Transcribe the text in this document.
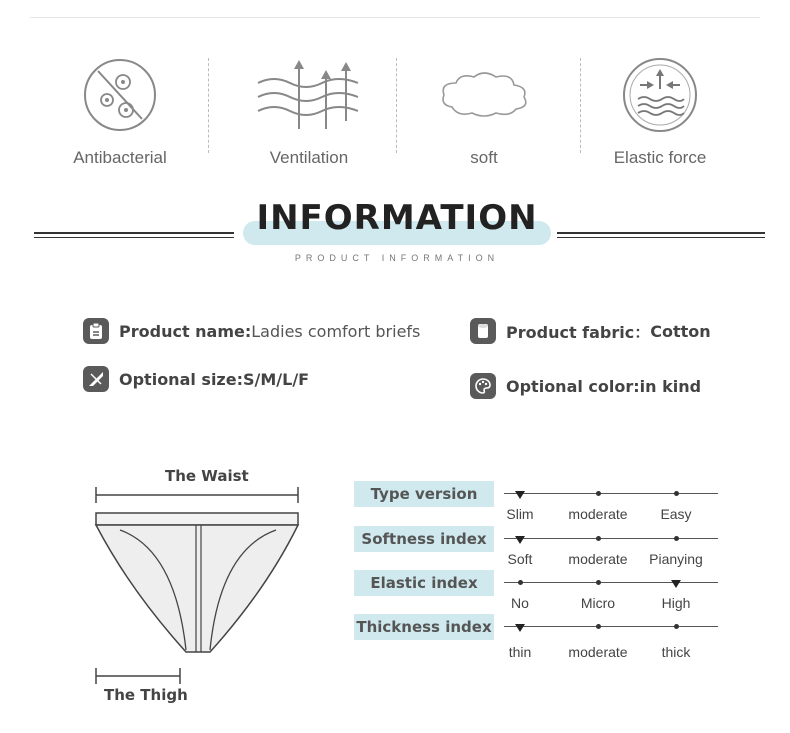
Antibacterial	Ventilation	soft	Elastic force
INFORMATION
PRODUCT INFORMATION
Product name: Ladies comfort briefs	Product fabric： Cotton
Optional size: S/M/L/F	Optional color: in kind
The Waist
The Thigh
Type version
Slim	moderate	Easy
Softness index
Soft	moderate	Pianying
Elastic index
No	Micro	High
Thickness index
thin	moderate	thick
